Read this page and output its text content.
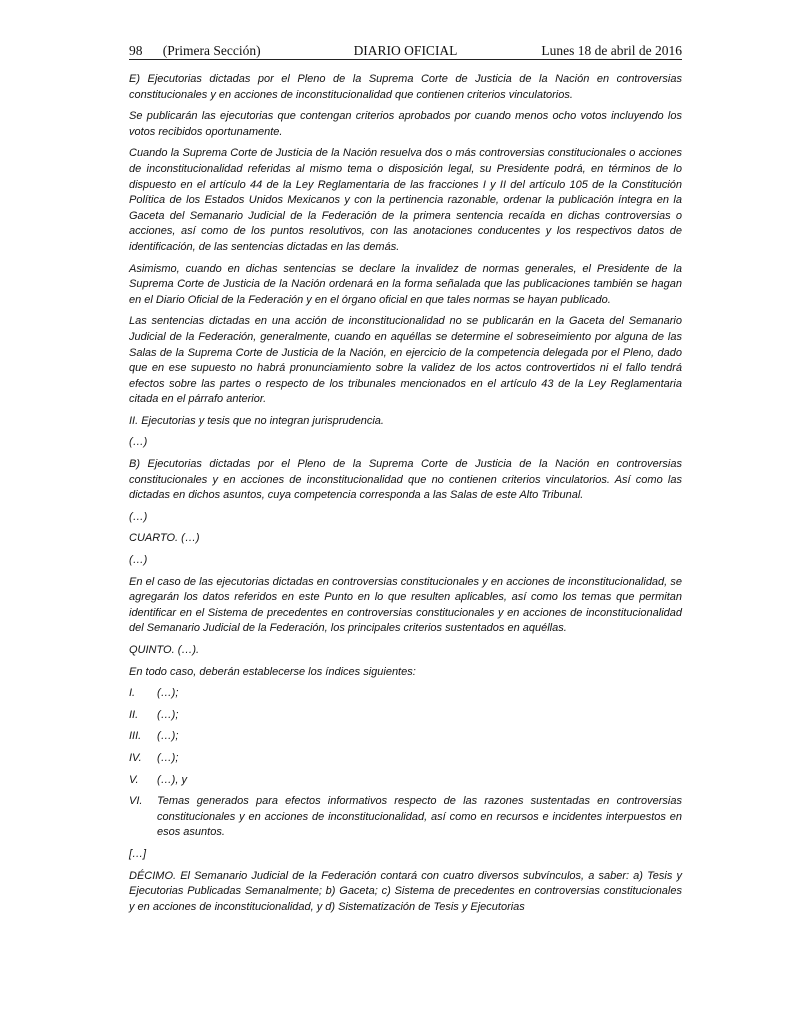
98      (Primera Sección)	DIARIO OFICIAL	Lunes 18 de abril de 2016

E) Ejecutorias dictadas por el Pleno de la Suprema Corte de Justicia de la Nación en controversias constitucionales y en acciones de inconstitucionalidad que contienen criterios vinculatorios.

Se publicarán las ejecutorias que contengan criterios aprobados por cuando menos ocho votos incluyendo los votos recibidos oportunamente.

Cuando la Suprema Corte de Justicia de la Nación resuelva dos o más controversias constitucionales o acciones de inconstitucionalidad referidas al mismo tema o disposición legal, su Presidente podrá, en términos de lo dispuesto en el artículo 44 de la Ley Reglamentaria de las fracciones I y II del artículo 105 de la Constitución Política de los Estados Unidos Mexicanos y con la pertinencia razonable, ordenar la publicación íntegra en la Gaceta del Semanario Judicial de la Federación de la primera sentencia recaída en dichas controversias o acciones, así como de los puntos resolutivos, con las anotaciones conducentes y los respectivos datos de identificación, de las sentencias dictadas en las demás.

Asimismo, cuando en dichas sentencias se declare la invalidez de normas generales, el Presidente de la Suprema Corte de Justicia de la Nación ordenará en la forma señalada que las publicaciones también se hagan en el Diario Oficial de la Federación y en el órgano oficial en que tales normas se hayan publicado.

Las sentencias dictadas en una acción de inconstitucionalidad no se publicarán en la Gaceta del Semanario Judicial de la Federación, generalmente, cuando en aquéllas se determine el sobreseimiento por alguna de las Salas de la Suprema Corte de Justicia de la Nación, en ejercicio de la competencia delegada por el Pleno, dado que en ese supuesto no habrá pronunciamiento sobre la validez de los actos controvertidos ni el fallo tendrá efectos sobre las partes o respecto de los tribunales mencionados en el artículo 43 de la Ley Reglamentaria citada en el párrafo anterior.

II. Ejecutorias y tesis que no integran jurisprudencia.

(…)

B) Ejecutorias dictadas por el Pleno de la Suprema Corte de Justicia de la Nación en controversias constitucionales y en acciones de inconstitucionalidad que no contienen criterios vinculatorios. Así como las dictadas en dichos asuntos, cuya competencia corresponda a las Salas de este Alto Tribunal.

(…)

CUARTO. (…)

(…)

En el caso de las ejecutorias dictadas en controversias constitucionales y en acciones de inconstitucionalidad, se agregarán los datos referidos en este Punto en lo que resulten aplicables, así como los temas que permitan identificar en el Sistema de precedentes en controversias constitucionales y en acciones de inconstitucionalidad del Semanario Judicial de la Federación, los principales criterios sustentados en aquéllas.

QUINTO. (…).

En todo caso, deberán establecerse los índices siguientes:

I.	(…);
II.	(…);
III.	(…);
IV.	(…);
V.	(…), y
VI.	Temas generados para efectos informativos respecto de las razones sustentadas en controversias constitucionales y en acciones de inconstitucionalidad, así como en recursos e incidentes interpuestos en esos asuntos.

[…]

DÉCIMO. El Semanario Judicial de la Federación contará con cuatro diversos subvínculos, a saber: a) Tesis y Ejecutorias Publicadas Semanalmente; b) Gaceta; c) Sistema de precedentes en controversias constitucionales y en acciones de inconstitucionalidad, y d) Sistematización de Tesis y Ejecutorias
